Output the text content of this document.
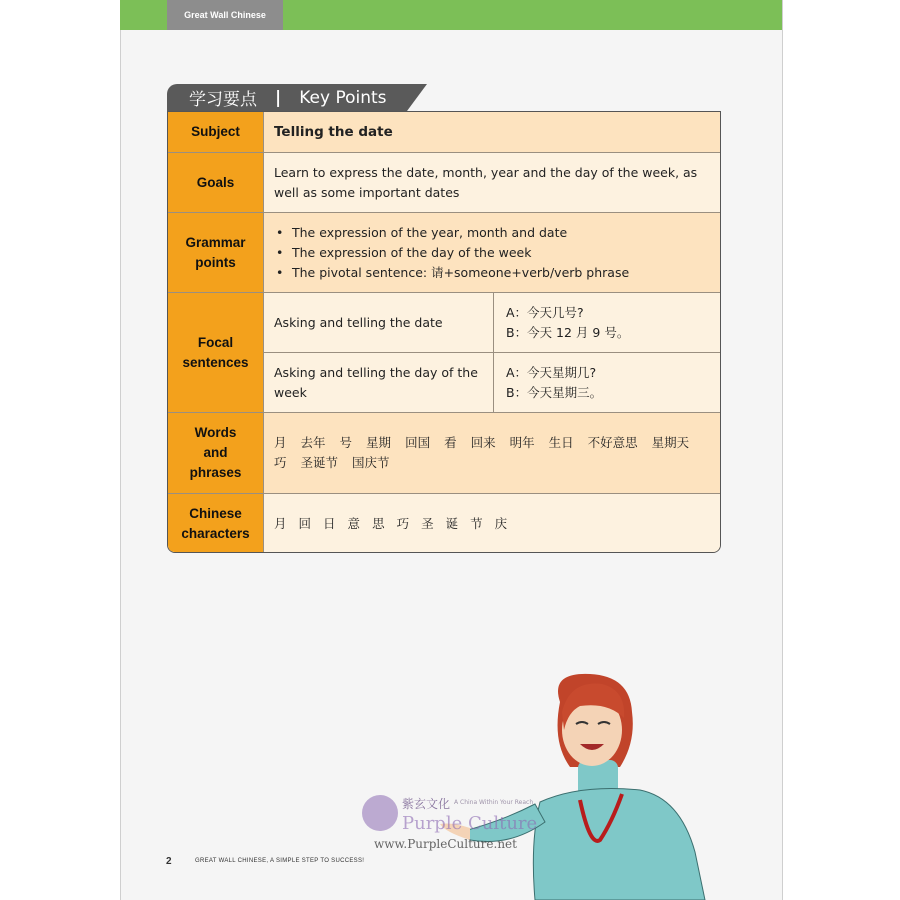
Great Wall Chinese
学习要点 | Key Points
Subject	Telling the date
Goals
Learn to express the date, month, year and the day of the week, as well as some important dates
Grammar points
• The expression of the year, month and date
• The expression of the day of the week
• The pivotal sentence: 请+someone+verb/verb phrase
Focal sentences
Asking and telling the date
A：今天几号?
B：今天 12 月 9 号。
Asking and telling the day of the week
A：今天星期几?
B：今天星期三。
Words and phrases
月 去年 号 星期 回国 看 回来 明年 生日 不好意思 星期天巧 圣诞节 国庆节
Chinese characters
月 回 日 意 思 巧 圣 诞 节 庆
紫玄文化 A China Within Your Reach
Purple Culture
www.PurpleCulture.net
2	GREAT WALL CHINESE, A SIMPLE STEP TO SUCCESS!
